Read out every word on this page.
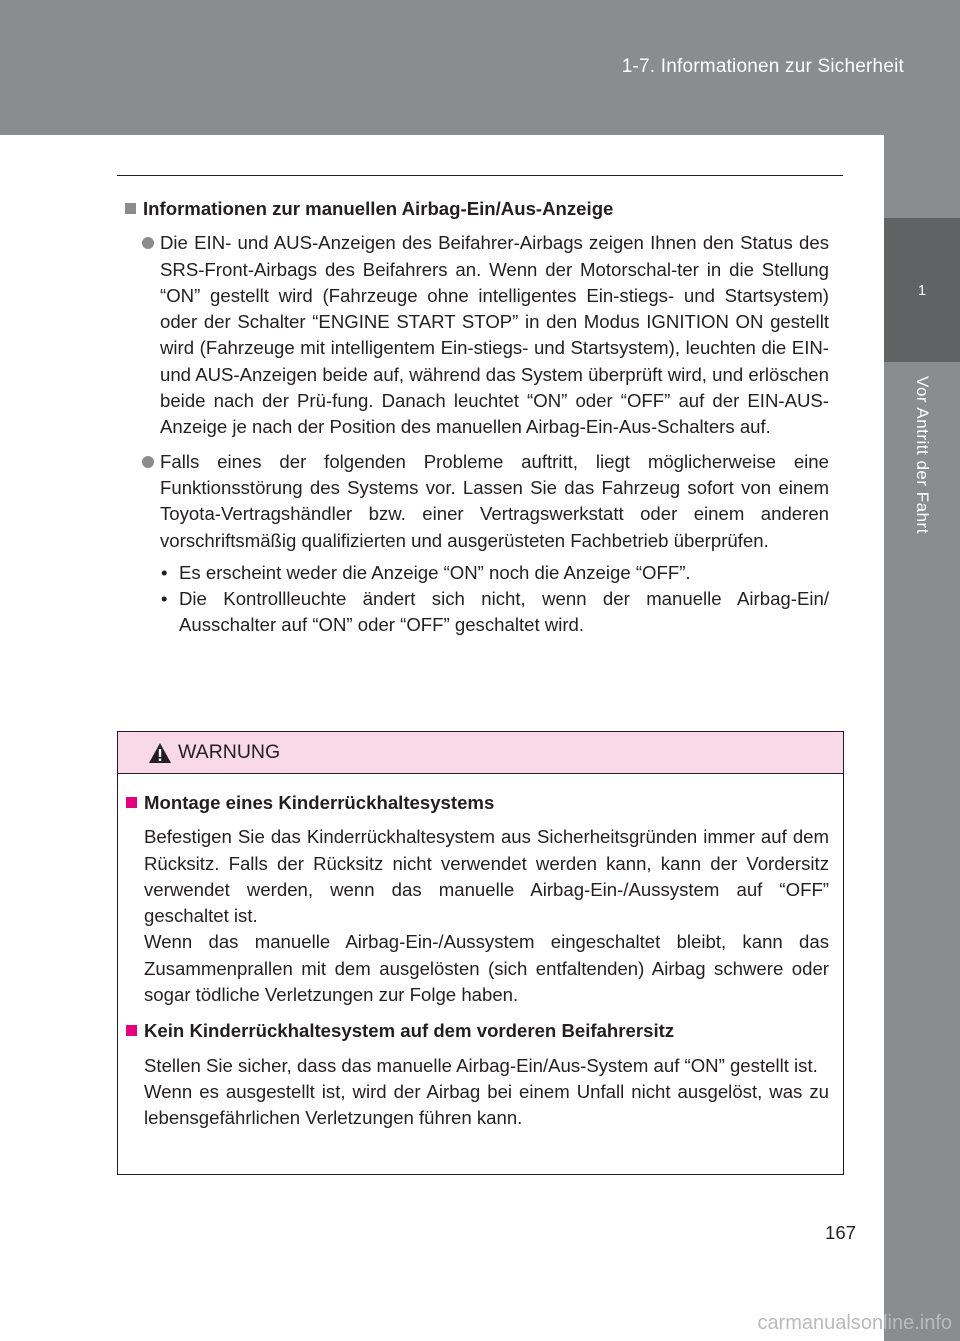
1-7. Informationen zur Sicherheit
1
Vor Antritt der Fahrt
Informationen zur manuellen Airbag-Ein/Aus-Anzeige
Die EIN- und AUS-Anzeigen des Beifahrer-Airbags zeigen Ihnen den Status des SRS-Front-Airbags des Beifahrers an. Wenn der Motorschal-ter in die Stellung “ON” gestellt wird (Fahrzeuge ohne intelligentes Ein-stiegs- und Startsystem) oder der Schalter “ENGINE START STOP” in den Modus IGNITION ON gestellt wird (Fahrzeuge mit intelligentem Ein-stiegs- und Startsystem), leuchten die EIN- und AUS-Anzeigen beide auf, während das System überprüft wird, und erlöschen beide nach der Prü-fung. Danach leuchtet “ON” oder “OFF” auf der EIN-AUS-Anzeige je nach der Position des manuellen Airbag-Ein-Aus-Schalters auf.
Falls eines der folgenden Probleme auftritt, liegt möglicherweise eine Funktionsstörung des Systems vor. Lassen Sie das Fahrzeug sofort von einem Toyota-Vertragshändler bzw. einer Vertragswerkstatt oder einem anderen vorschriftsmäßig qualifizierten und ausgerüsteten Fachbetrieb überprüfen.
• Es erscheint weder die Anzeige “ON” noch die Anzeige “OFF”.
• Die Kontrollleuchte ändert sich nicht, wenn der manuelle Airbag-Ein/ Ausschalter auf “ON” oder “OFF” geschaltet wird.
WARNUNG
Montage eines Kinderrückhaltesystems
Befestigen Sie das Kinderrückhaltesystem aus Sicherheitsgründen immer auf dem Rücksitz. Falls der Rücksitz nicht verwendet werden kann, kann der Vordersitz verwendet werden, wenn das manuelle Airbag-Ein-/Aussystem auf “OFF” geschaltet ist.
Wenn das manuelle Airbag-Ein-/Aussystem eingeschaltet bleibt, kann das Zusammenprallen mit dem ausgelösten (sich entfaltenden) Airbag schwere oder sogar tödliche Verletzungen zur Folge haben.
Kein Kinderrückhaltesystem auf dem vorderen Beifahrersitz
Stellen Sie sicher, dass das manuelle Airbag-Ein/Aus-System auf “ON” gestellt ist.
Wenn es ausgestellt ist, wird der Airbag bei einem Unfall nicht ausgelöst, was zu lebensgefährlichen Verletzungen führen kann.
167
carmanualsonline.info
